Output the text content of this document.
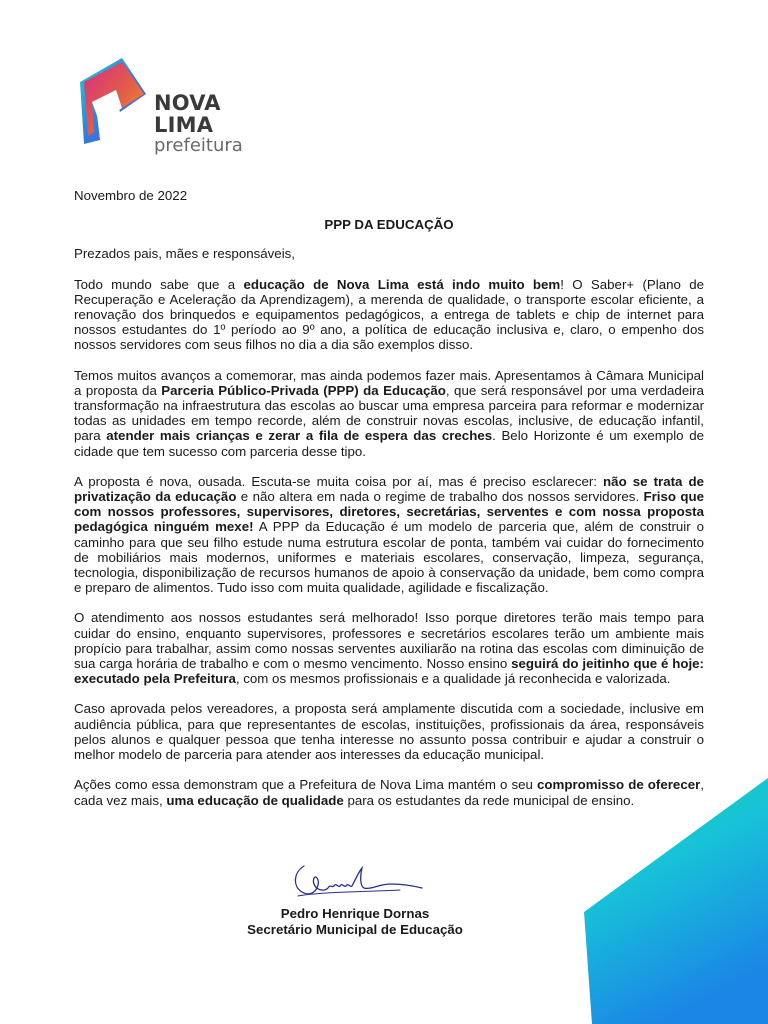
NOVA LIMA
prefeitura

Novembro de 2022

PPP DA EDUCAÇÃO

Prezados pais, mães e responsáveis,

Todo mundo sabe que a educação de Nova Lima está indo muito bem! O Saber+ (Plano de Recuperação e Aceleração da Aprendizagem), a merenda de qualidade, o transporte escolar eficiente, a renovação dos brinquedos e equipamentos pedagógicos, a entrega de tablets e chip de internet para nossos estudantes do 1º período ao 9º ano, a política de educação inclusiva e, claro, o empenho dos nossos servidores com seus filhos no dia a dia são exemplos disso.

Temos muitos avanços a comemorar, mas ainda podemos fazer mais. Apresentamos à Câmara Municipal a proposta da Parceria Público-Privada (PPP) da Educação, que será responsável por uma verdadeira transformação na infraestrutura das escolas ao buscar uma empresa parceira para reformar e modernizar todas as unidades em tempo recorde, além de construir novas escolas, inclusive, de educação infantil, para atender mais crianças e zerar a fila de espera das creches. Belo Horizonte é um exemplo de cidade que tem sucesso com parceria desse tipo.

A proposta é nova, ousada. Escuta-se muita coisa por aí, mas é preciso esclarecer: não se trata de privatização da educação e não altera em nada o regime de trabalho dos nossos servidores. Friso que com nossos professores, supervisores, diretores, secretárias, serventes e com nossa proposta pedagógica ninguém mexe! A PPP da Educação é um modelo de parceria que, além de construir o caminho para que seu filho estude numa estrutura escolar de ponta, também vai cuidar do fornecimento de mobiliários mais modernos, uniformes e materiais escolares, conservação, limpeza, segurança, tecnologia, disponibilização de recursos humanos de apoio à conservação da unidade, bem como compra e preparo de alimentos. Tudo isso com muita qualidade, agilidade e fiscalização.

O atendimento aos nossos estudantes será melhorado! Isso porque diretores terão mais tempo para cuidar do ensino, enquanto supervisores, professores e secretários escolares terão um ambiente mais propício para trabalhar, assim como nossas serventes auxiliarão na rotina das escolas com diminuição de sua carga horária de trabalho e com o mesmo vencimento. Nosso ensino seguirá do jeitinho que é hoje: executado pela Prefeitura, com os mesmos profissionais e a qualidade já reconhecida e valorizada.

Caso aprovada pelos vereadores, a proposta será amplamente discutida com a sociedade, inclusive em audiência pública, para que representantes de escolas, instituições, profissionais da área, responsáveis pelos alunos e qualquer pessoa que tenha interesse no assunto possa contribuir e ajudar a construir o melhor modelo de parceria para atender aos interesses da educação municipal.

Ações como essa demonstram que a Prefeitura de Nova Lima mantém o seu compromisso de oferecer, cada vez mais, uma educação de qualidade para os estudantes da rede municipal de ensino.

Pedro Henrique Dornas
Secretário Municipal de Educação
